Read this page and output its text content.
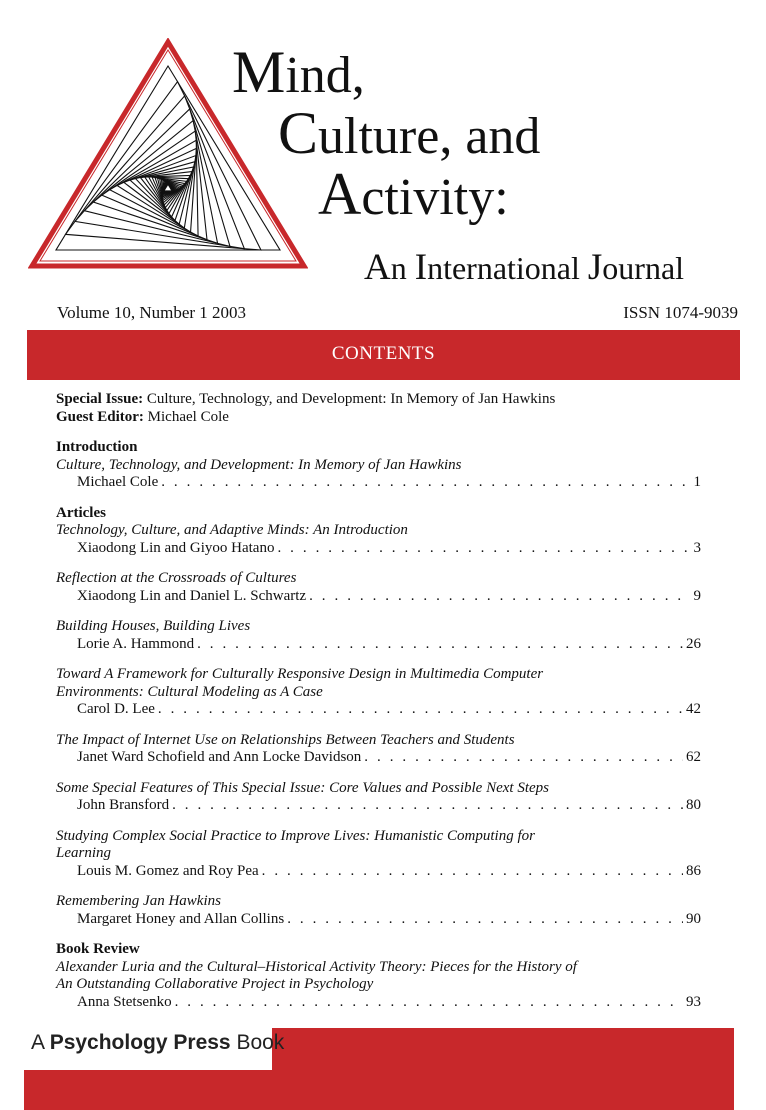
Mind,
Culture, and
Activity:
An International Journal
Volume 10, Number 1 2003	ISSN 1074-9039
CONTENTS
Special Issue: Culture, Technology, and Development: In Memory of Jan Hawkins
Guest Editor: Michael Cole
Introduction
Culture, Technology, and Development: In Memory of Jan Hawkins
Michael Cole . . .	1
Articles
Technology, Culture, and Adaptive Minds: An Introduction
Xiaodong Lin and Giyoo Hatano . . .	3
Reflection at the Crossroads of Cultures
Xiaodong Lin and Daniel L. Schwartz . . .	9
Building Houses, Building Lives
Lorie A. Hammond . . .	26
Toward A Framework for Culturally Responsive Design in Multimedia Computer
Environments: Cultural Modeling as A Case
Carol D. Lee . . .	42
The Impact of Internet Use on Relationships Between Teachers and Students
Janet Ward Schofield and Ann Locke Davidson . . .	62
Some Special Features of This Special Issue: Core Values and Possible Next Steps
John Bransford . . .	80
Studying Complex Social Practice to Improve Lives: Humanistic Computing for
Learning
Louis M. Gomez and Roy Pea . . .	86
Remembering Jan Hawkins
Margaret Honey and Allan Collins . . .	90
Book Review
Alexander Luria and the Cultural–Historical Activity Theory: Pieces for the History of
An Outstanding Collaborative Project in Psychology
Anna Stetsenko . . .	93
A Psychology Press Book
